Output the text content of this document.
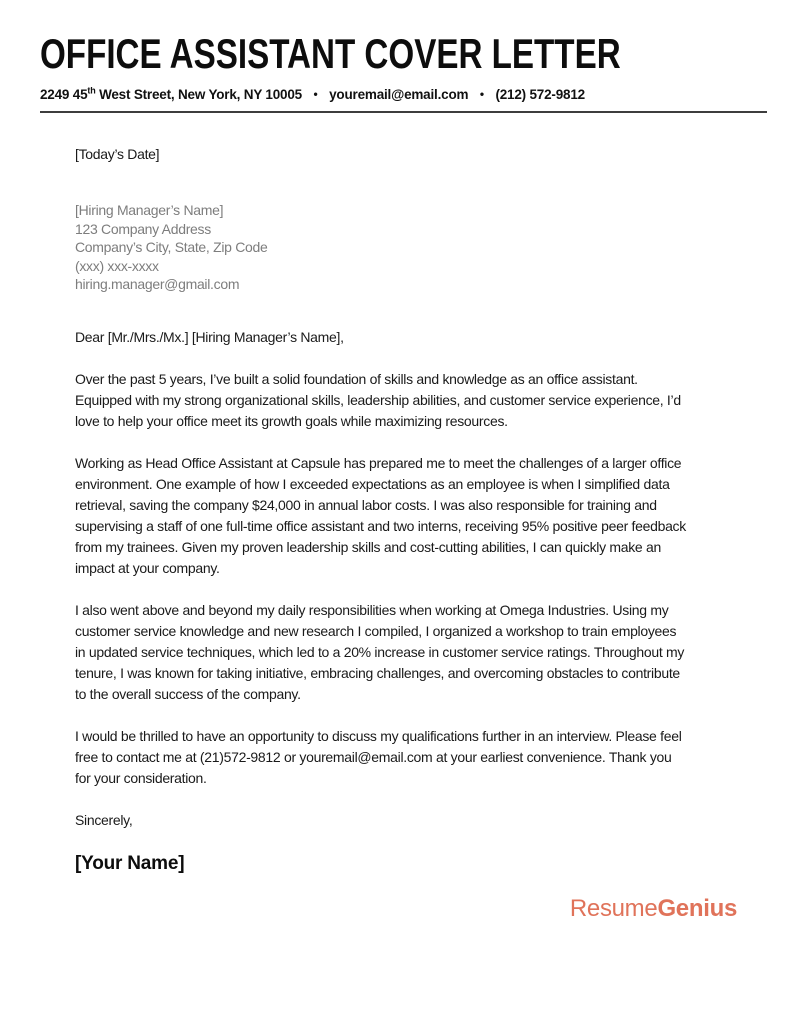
OFFICE ASSISTANT COVER LETTER
2249 45th West Street, New York, NY 10005 • youremail@email.com • (212) 572-9812

[Today’s Date]

[Hiring Manager’s Name]
123 Company Address
Company’s City, State, Zip Code
(xxx) xxx-xxxx
hiring.manager@gmail.com

Dear [Mr./Mrs./Mx.] [Hiring Manager’s Name],

Over the past 5 years, I’ve built a solid foundation of skills and knowledge as an office assistant. Equipped with my strong organizational skills, leadership abilities, and customer service experience, I’d love to help your office meet its growth goals while maximizing resources.

Working as Head Office Assistant at Capsule has prepared me to meet the challenges of a larger office environment. One example of how I exceeded expectations as an employee is when I simplified data retrieval, saving the company $24,000 in annual labor costs. I was also responsible for training and supervising a staff of one full-time office assistant and two interns, receiving 95% positive peer feedback from my trainees. Given my proven leadership skills and cost-cutting abilities, I can quickly make an impact at your company.

I also went above and beyond my daily responsibilities when working at Omega Industries. Using my customer service knowledge and new research I compiled, I organized a workshop to train employees in updated service techniques, which led to a 20% increase in customer service ratings. Throughout my tenure, I was known for taking initiative, embracing challenges, and overcoming obstacles to contribute to the overall success of the company.

I would be thrilled to have an opportunity to discuss my qualifications further in an interview. Please feel free to contact me at (21)572-9812 or youremail@email.com at your earliest convenience. Thank you for your consideration.

Sincerely,

[Your Name]

ResumeGenius
